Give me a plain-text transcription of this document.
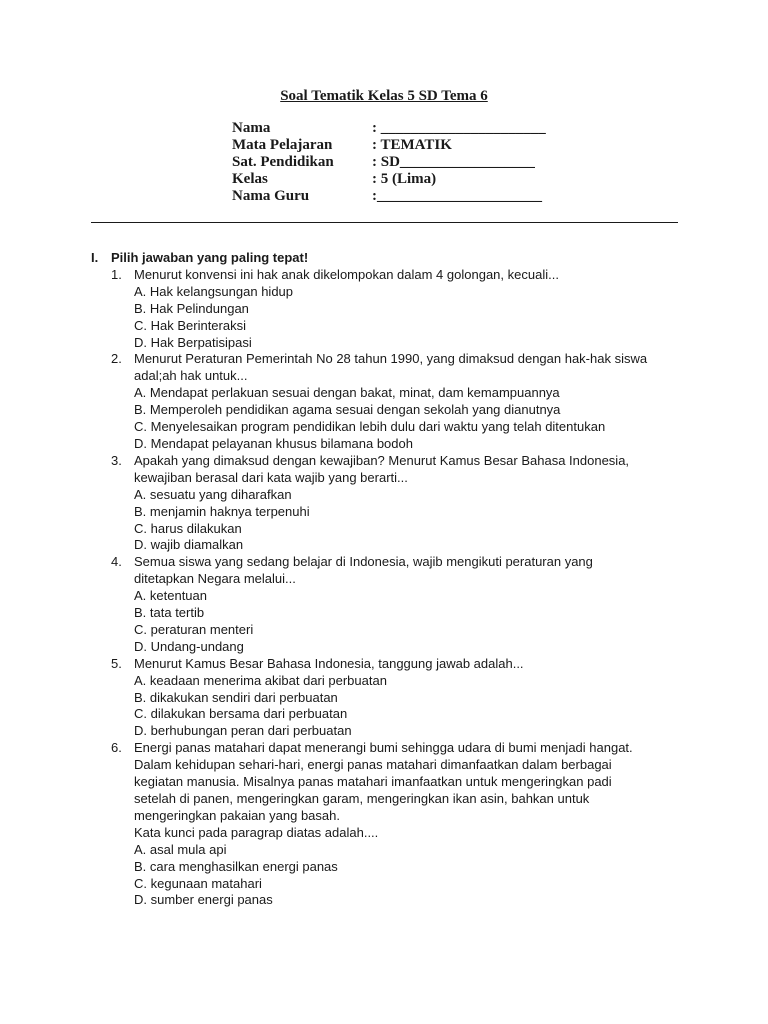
Soal Tematik Kelas 5 SD Tema 6
Nama	: ______________________
Mata Pelajaran	: TEMATIK
Sat. Pendidikan	: SD__________________
Kelas	: 5 (Lima)
Nama Guru	:______________________
I. Pilih jawaban yang paling tepat!
1. Menurut konvensi ini hak anak dikelompokan dalam 4 golongan, kecuali...
A. Hak kelangsungan hidup
B. Hak Pelindungan
C. Hak Berinteraksi
D. Hak Berpatisipasi
2. Menurut Peraturan Pemerintah No 28 tahun 1990, yang dimaksud dengan hak-hak siswa
adal;ah hak untuk...
A. Mendapat perlakuan sesuai dengan bakat, minat, dam kemampuannya
B. Memperoleh pendidikan agama sesuai dengan sekolah yang dianutnya
C. Menyelesaikan program pendidikan lebih dulu dari waktu yang telah ditentukan
D. Mendapat pelayanan khusus bilamana bodoh
3. Apakah yang dimaksud dengan kewajiban? Menurut Kamus Besar Bahasa Indonesia,
kewajiban berasal dari kata wajib yang berarti...
A. sesuatu yang diharafkan
B. menjamin haknya terpenuhi
C. harus dilakukan
D. wajib diamalkan
4. Semua siswa yang sedang belajar di Indonesia, wajib mengikuti peraturan yang
ditetapkan Negara melalui...
A. ketentuan
B. tata tertib
C. peraturan menteri
D. Undang-undang
5. Menurut Kamus Besar Bahasa Indonesia, tanggung jawab adalah...
A. keadaan menerima akibat dari perbuatan
B. dikakukan sendiri dari perbuatan
C. dilakukan bersama dari perbuatan
D. berhubungan peran dari perbuatan
6. Energi panas matahari dapat menerangi bumi sehingga udara di bumi menjadi hangat.
Dalam kehidupan sehari-hari, energi panas matahari dimanfaatkan dalam berbagai
kegiatan manusia. Misalnya panas matahari imanfaatkan untuk mengeringkan padi
setelah di panen, mengeringkan garam, mengeringkan ikan asin, bahkan untuk
mengeringkan pakaian yang basah.
Kata kunci pada paragrap diatas adalah....
A. asal mula api
B. cara menghasilkan energi panas
C. kegunaan matahari
D. sumber energi panas
